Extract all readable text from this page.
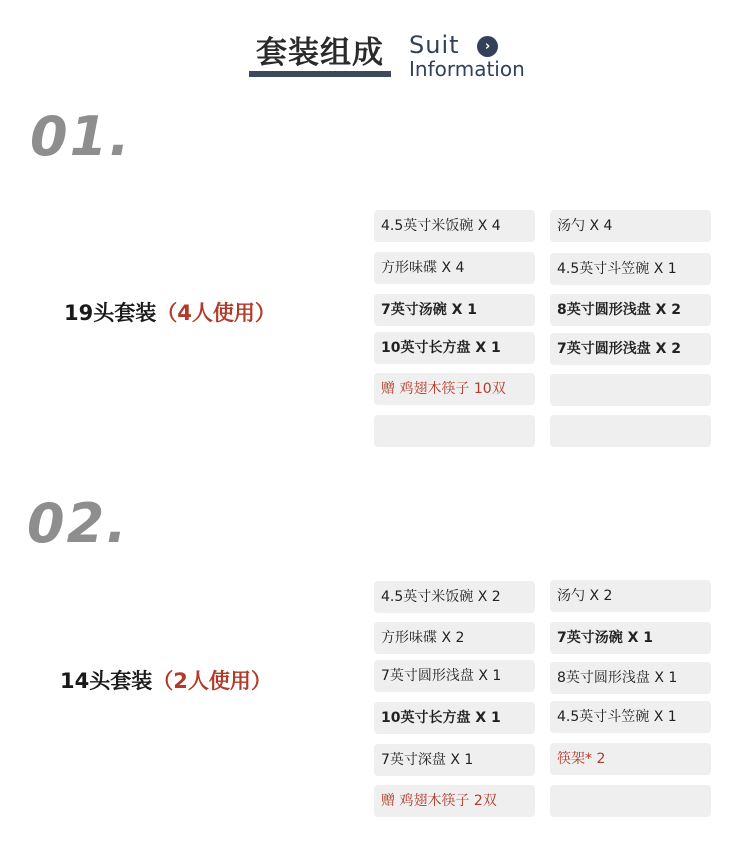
套装组成 Suit	›
Information
01.
19头套装（4人使用）
4.5英寸米饭碗 X 4	汤勺 X 4
方形味碟 X 4	4.5英寸斗笠碗 X 1
7英寸汤碗 X 1	8英寸圆形浅盘 X 2
10英寸长方盘 X 1	7英寸圆形浅盘 X 2
赠 鸡翅木筷子 10双
02.
14头套装（2人使用）
4.5英寸米饭碗 X 2	汤勺 X 2
方形味碟 X 2	7英寸汤碗 X 1
7英寸圆形浅盘 X 1	8英寸圆形浅盘 X 1
10英寸长方盘 X 1	4.5英寸斗笠碗 X 1
7英寸深盘 X 1	筷架* 2
赠 鸡翅木筷子 2双
